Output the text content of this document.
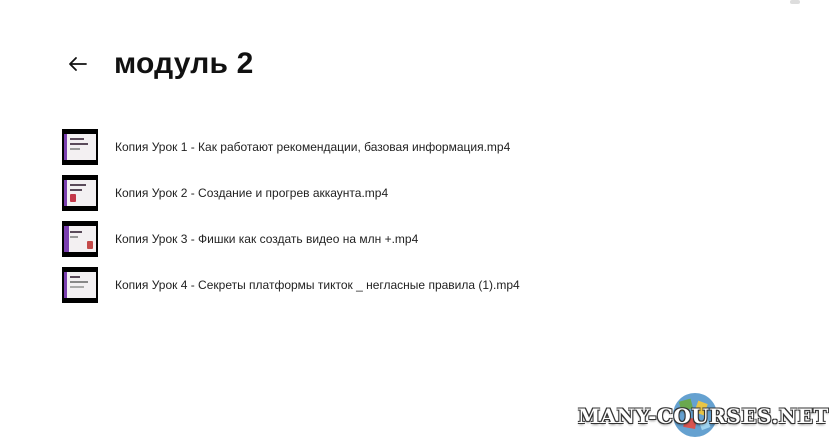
модуль 2
Копия Урок 1 - Как работают рекомендации, базовая информация.mp4
Копия Урок 2 - Создание и прогрев аккаунта.mp4
Копия Урок 3 - Фишки как создать видео на млн +.mp4
Копия Урок 4 - Секреты платформы тикток _ негласные правила (1).mp4
MANY-COURSES.NET
